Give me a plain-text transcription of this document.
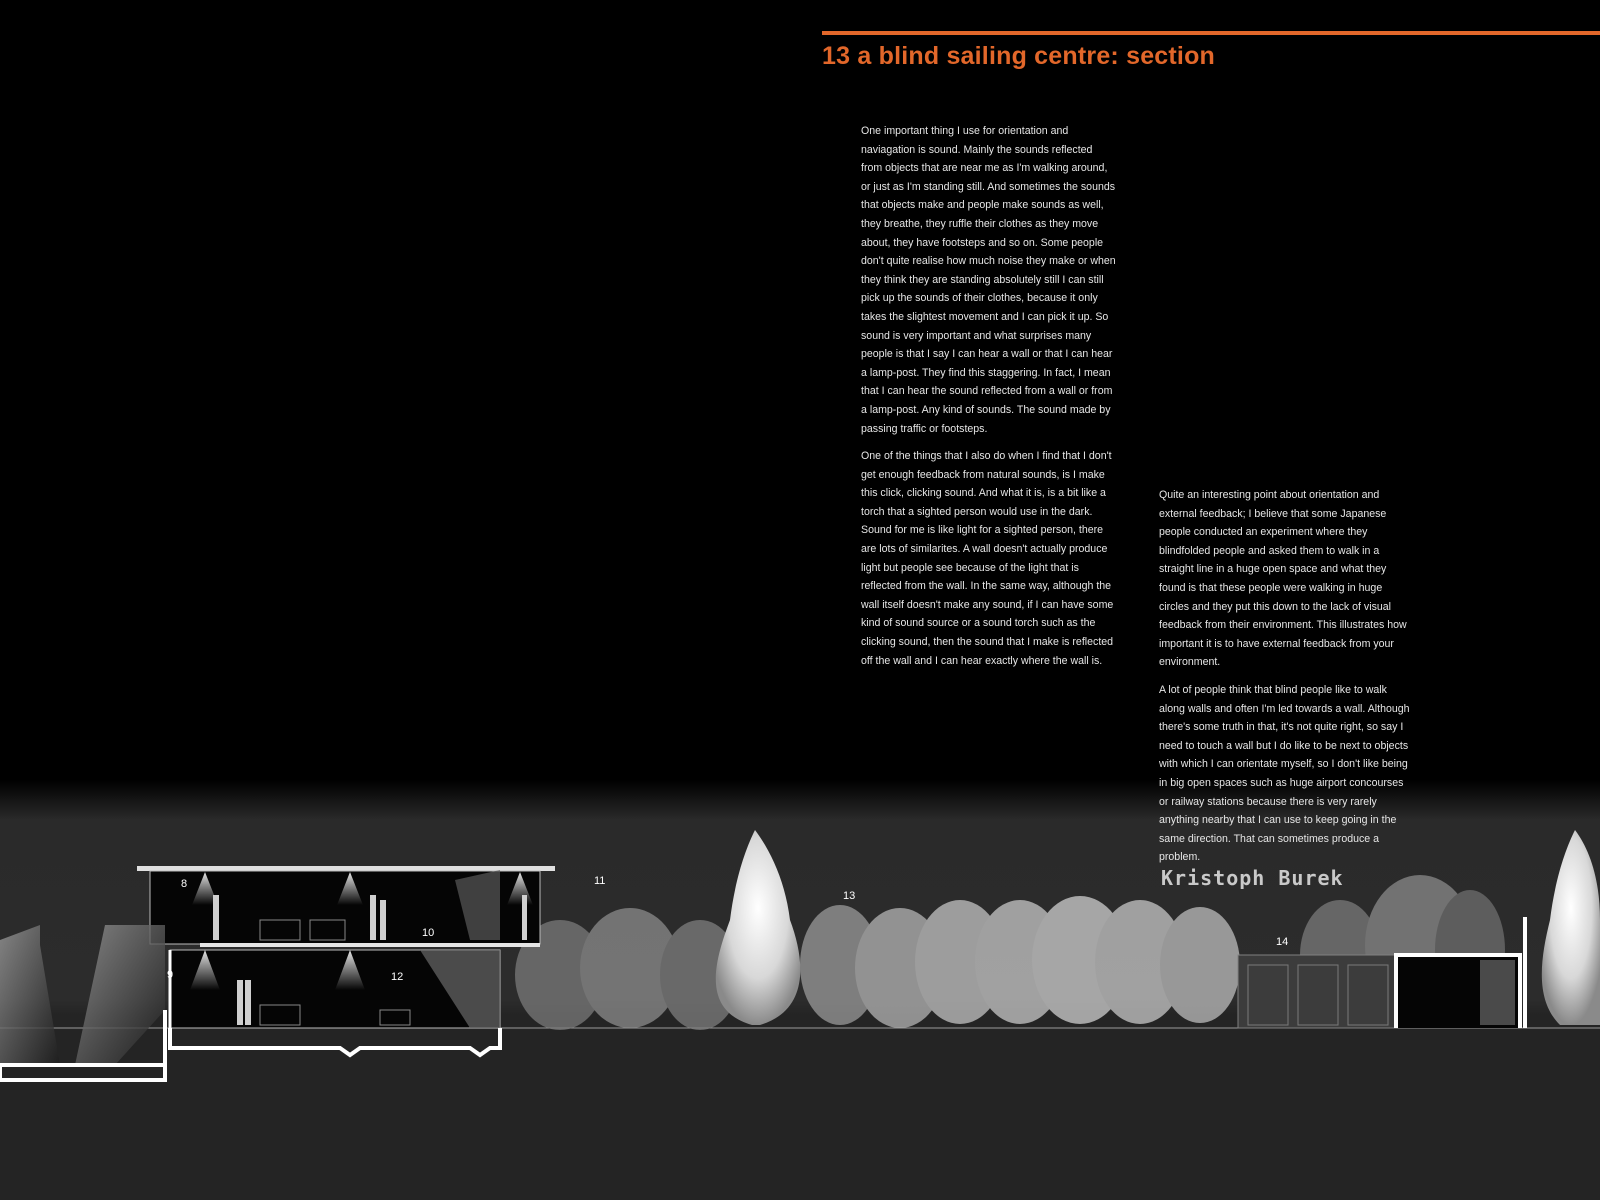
13 a blind sailing centre: section

One important thing I use for orientation and naviagation is sound. Mainly the sounds reflected from objects that are near me as I'm walking around, or just as I'm standing still. And sometimes the sounds that objects make and people make sounds as well, they breathe, they ruffle their clothes as they move about, they have footsteps and so on. Some people don't quite realise how much noise they make or when they think they are standing absolutely still I can still pick up the sounds of their clothes, because it only takes the slightest movement and I can pick it up. So sound is very important and what surprises many people is that I say I can hear a wall or that I can hear a lamp-post. They find this staggering. In fact, I mean that I can hear the sound reflected from a wall or from a lamp-post. Any kind of sounds. The sound made by passing traffic or footsteps.

One of the things that I also do when I find that I don't get enough feedback from natural sounds, is I make this click, clicking sound. And what it is, is a bit like a torch that a sighted person would use in the dark. Sound for me is like light for a sighted person, there are lots of similarites. A wall doesn't actually produce light but people see because of the light that is reflected from the wall. In the same way, although the wall itself doesn't make any sound, if I can have some kind of sound source or a sound torch such as the clicking sound, then the sound that I make is reflected off the wall and I can hear exactly where the wall is.

Quite an interesting point about orientation and external feedback; I believe that some Japanese people conducted an experiment where they blindfolded people and asked them to walk in a straight line in a huge open space and what they found is that these people were walking in huge circles and they put this down to the lack of visual feedback from their environment. This illustrates how important it is to have external feedback from your environment.

A lot of people think that blind people like to walk along walls and often I'm led towards a wall. Although there's some truth in that, it's not quite right, so say I need to touch a wall but I do like to be next to objects with which I can orientate myself, so I don't like being in big open spaces such as huge airport concourses or railway stations because there is very rarely anything nearby that I can use to keep going in the same direction. That can sometimes produce a problem.

8
9
10
11
12
13
14
Kristoph Burek
